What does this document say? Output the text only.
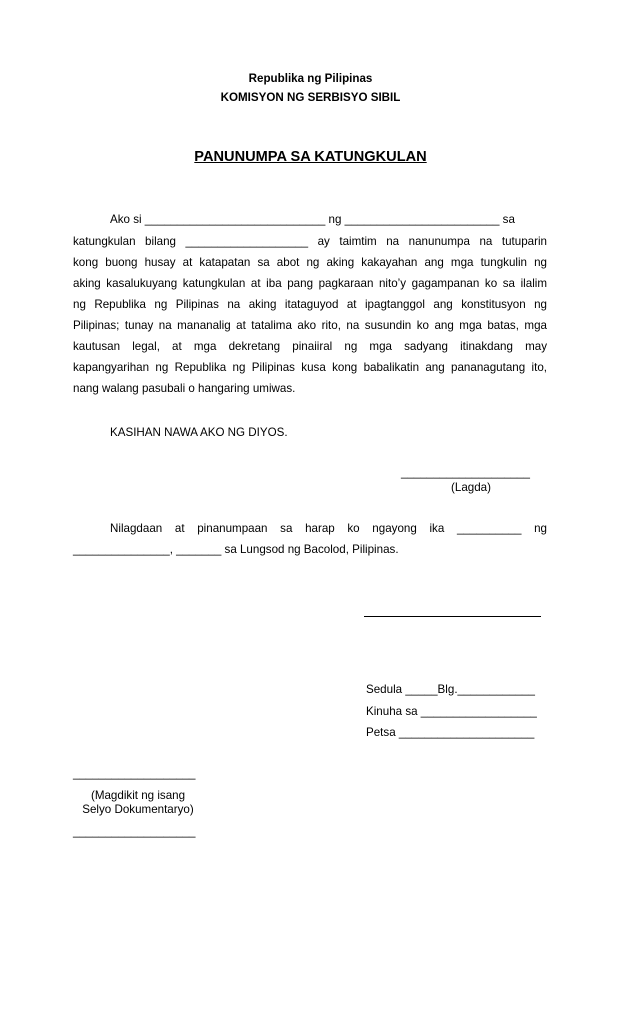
Republika ng Pilipinas
KOMISYON NG SERBISYO SIBIL
PANUNUMPA SA KATUNGKULAN
Ako si ____________________________ ng ________________________ sa
katungkulan bilang ___________________ ay taimtim na nanunumpa na tutuparin
kong buong husay at katapatan sa abot ng aking kakayahan ang mga tungkulin ng
aking kasalukuyang katungkulan at iba pang pagkaraan nito’y gagampanan ko sa ilalim
ng Republika ng Pilipinas na aking itataguyod at ipagtanggol ang konstitusyon ng
Pilipinas; tunay na mananalig at tatalima ako rito, na susundin ko ang mga batas, mga
kautusan legal, at mga dekretang pinaiiral ng mga sadyang itinakdang may
kapangyarihan ng Republika ng Pilipinas kusa kong babalikatin ang pananagutang ito,
nang walang pasubali o hangaring umiwas.
KASIHAN NAWA AKO NG DIYOS.
____________________
(Lagda)
Nilagdaan at pinanumpaan sa harap ko ngayong ika __________ ng
_______________, _______ sa Lungsod ng Bacolod, Pilipinas.
Sedula _____Blg.____________
Kinuha sa __________________
Petsa _____________________
___________________
(Magdikit ng isang
Selyo Dokumentaryo)
___________________
